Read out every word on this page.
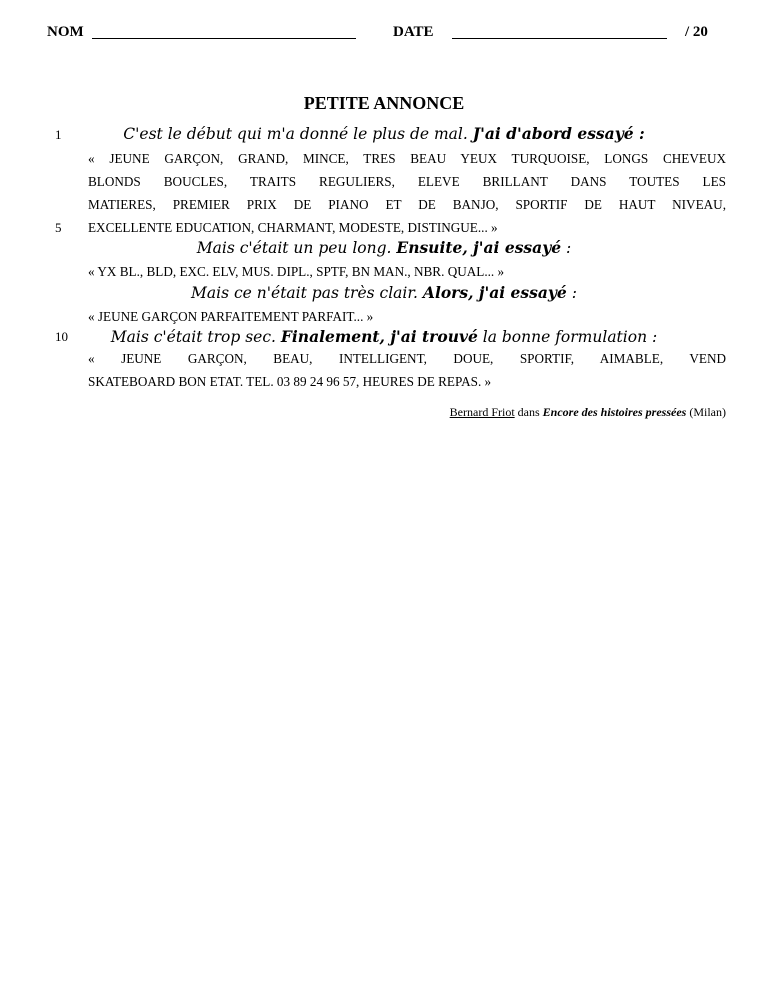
NOM	DATE	/ 20
PETITE ANNONCE
1
5
10
C'est le début qui m'a donné le plus de mal. J'ai d'abord essayé :
« JEUNE GARÇON, GRAND, MINCE, TRES BEAU YEUX TURQUOISE, LONGS CHEVEUX
BLONDS BOUCLES, TRAITS REGULIERS, ELEVE BRILLANT DANS TOUTES LES
MATIERES, PREMIER PRIX DE PIANO ET DE BANJO, SPORTIF DE HAUT NIVEAU,
EXCELLENTE EDUCATION, CHARMANT, MODESTE, DISTINGUE... »
Mais c'était un peu long. Ensuite, j'ai essayé :
« YX BL., BLD, EXC. ELV, MUS. DIPL., SPTF, BN MAN., NBR. QUAL... »
Mais ce n'était pas très clair. Alors, j'ai essayé :
« JEUNE GARÇON PARFAITEMENT PARFAIT... »
Mais c'était trop sec. Finalement, j'ai trouvé la bonne formulation :
« JEUNE GARÇON, BEAU, INTELLIGENT, DOUE, SPORTIF, AIMABLE, VEND
SKATEBOARD BON ETAT. TEL. 03 89 24 96 57, HEURES DE REPAS. »
Bernard Friot dans Encore des histoires pressées (Milan)
